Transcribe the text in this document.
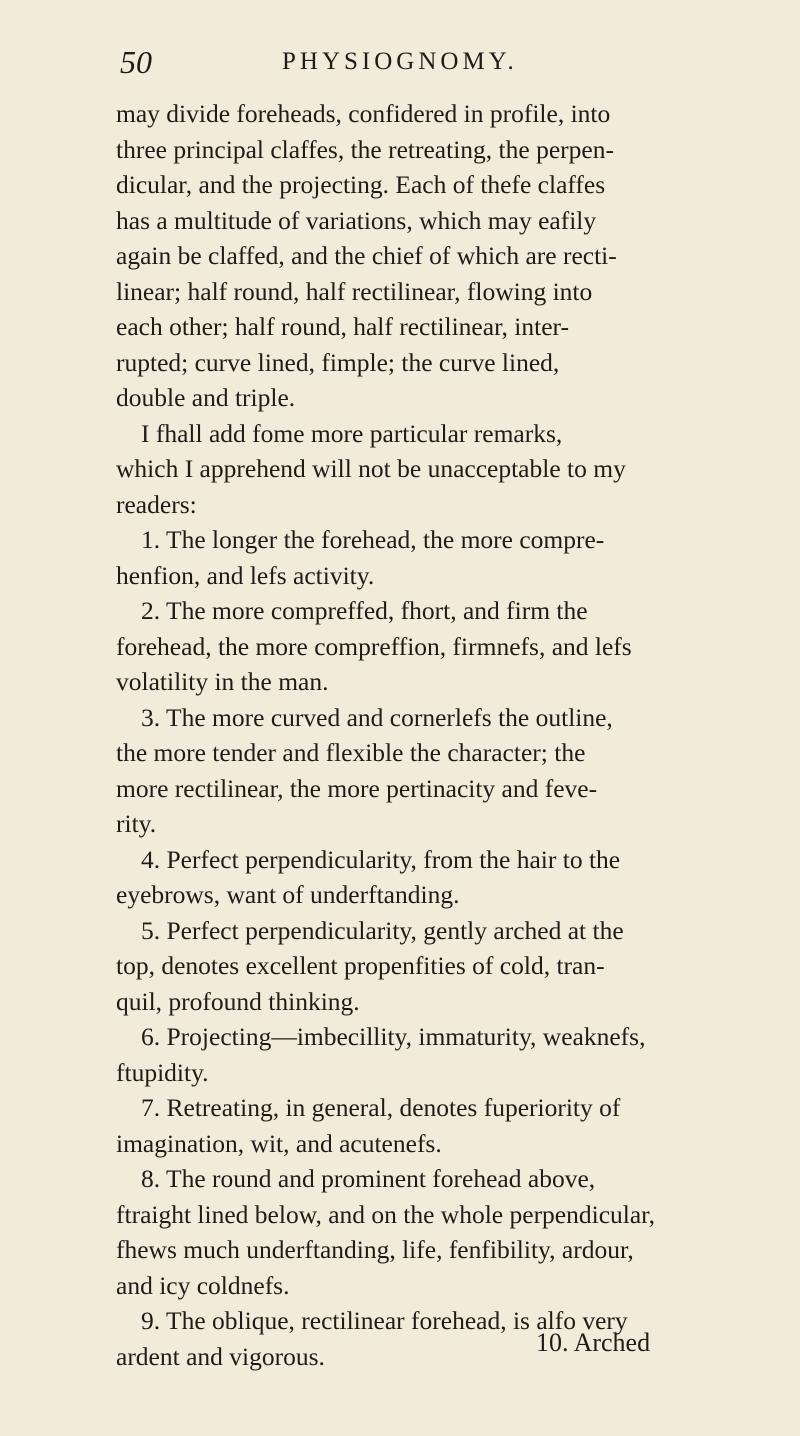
50	PHYSIOGNOMY.
may divide foreheads, confidered in profile, into
three principal claffes, the retreating, the perpen-
dicular, and the projecting. Each of thefe claffes
has a multitude of variations, which may eafily
again be claffed, and the chief of which are recti-
linear; half round, half rectilinear, flowing into
each other; half round, half rectilinear, inter-
rupted; curve lined, fimple; the curve lined,
double and triple.
I fhall add fome more particular remarks,
which I apprehend will not be unacceptable to my
readers:
1. The longer the forehead, the more compre-
henfion, and lefs activity.
2. The more compreffed, fhort, and firm the
forehead, the more compreffion, firmnefs, and lefs
volatility in the man.
3. The more curved and cornerlefs the outline,
the more tender and flexible the character; the
more rectilinear, the more pertinacity and feve-
rity.
4. Perfect perpendicularity, from the hair to the
eyebrows, want of underftanding.
5. Perfect perpendicularity, gently arched at the
top, denotes excellent propenfities of cold, tran-
quil, profound thinking.
6. Projecting—imbecillity, immaturity, weaknefs,
ftupidity.
7. Retreating, in general, denotes fuperiority of
imagination, wit, and acutenefs.
8. The round and prominent forehead above,
ftraight lined below, and on the whole perpendicular,
fhews much underftanding, life, fenfibility, ardour,
and icy coldnefs.
9. The oblique, rectilinear forehead, is alfo very
ardent and vigorous.	10. Arched
